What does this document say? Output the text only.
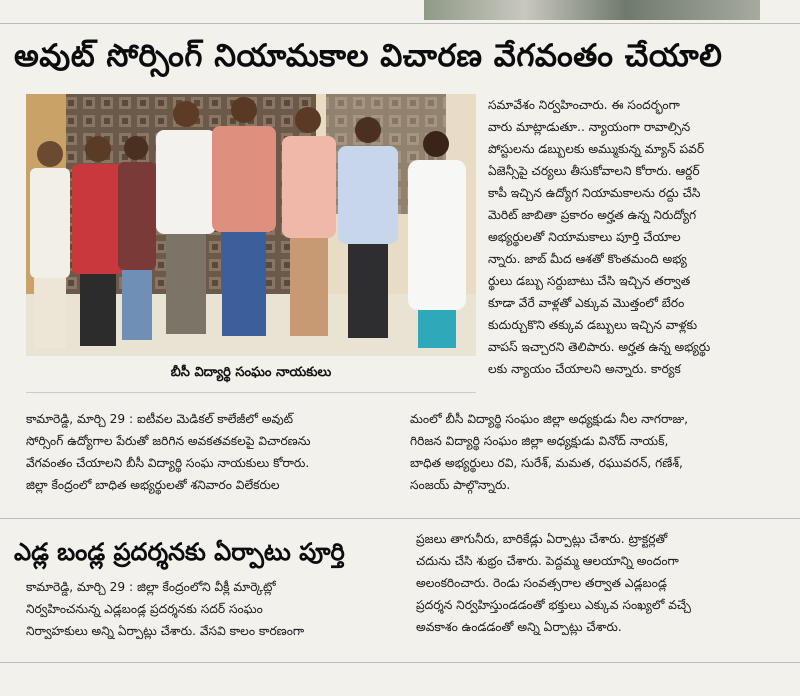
అవుట్ సోర్సింగ్ నియామకాల విచారణ వేగవంతం చేయాలి
బీసీ విద్యార్థి సంఘం నాయకులు
సమావేశం నిర్వహించారు. ఈ సందర్భంగా
వారు మాట్లాడుతూ.. న్యాయంగా రావాల్సిన
పోస్టులను డబ్బులకు అమ్ముకున్న మ్యాన్ పవర్
ఏజెన్సీపై చర్యలు తీసుకోవాలని కోరారు. ఆర్డర్
కాపీ ఇచ్చిన ఉద్యోగ నియామకాలను రద్దు చేసి
మెరిట్ జాబితా ప్రకారం అర్హత ఉన్న నిరుద్యోగ
అభ్యర్థులతో నియామకాలు పూర్తి చేయాల
న్నారు. జాబ్ మీద ఆశతో కొంతమంది అభ్య
ర్థులు డబ్బు సర్దుబాటు చేసి ఇచ్చిన తర్వాత
కూడా వేరే వాళ్లతో ఎక్కువ మొత్తంలో బేరం
కుదుర్చుకొని తక్కువ డబ్బులు ఇచ్చిన వాళ్లకు
వాపస్ ఇచ్చారని తెలిపారు. అర్హత ఉన్న అభ్యర్థు
లకు న్యాయం చేయాలని అన్నారు. కార్యక
కామారెడ్డి, మార్చి 29 : ఐటీవల మెడికల్ కాలేజీలో అవుట్
సోర్సింగ్ ఉద్యోగాల పేరుతో జరిగిన అవకతవకలపై విచారణను
వేగవంతం చేయాలని బీసీ విద్యార్థి సంఘ నాయకులు కోరారు.
జిల్లా కేంద్రంలో బాధిత అభ్యర్థులతో శనివారం విలేకరుల
మంలో బీసీ విద్యార్థి సంఘం జిల్లా అధ్యక్షుడు నీల నాగరాజు,
గిరిజన విద్యార్థి సంఘం జిల్లా అధ్యక్షుడు వినోద్ నాయక్,
బాధిత అభ్యర్థులు రవి, సురేశ్, మమత, రఘువరన్, గణేశ్,
సంజయ్ పాల్గొన్నారు.
ఎడ్ల బండ్ల ప్రదర్శనకు ఏర్పాటు పూర్తి
కామారెడ్డి, మార్చి 29 : జిల్లా కేంద్రంలోని వీక్లీ మార్కెట్లో
నిర్వహించనున్న ఎడ్లబండ్ల ప్రదర్శనకు సదర్ సంఘం
నిర్వాహకులు అన్ని ఏర్పాట్లు చేశారు. వేసవి కాలం కారణంగా
ప్రజలు తాగునీరు, బారికేడ్లు ఏర్పాట్లు చేశారు. ట్రాక్టర్లతో
చదును చేసి శుభ్రం చేశారు. పెద్దమ్మ ఆలయాన్ని అందంగా
అలంకరించారు. రెండు సంవత్సరాల తర్వాత ఎడ్లబండ్ల
ప్రదర్శన నిర్వహిస్తుండడంతో భక్తులు ఎక్కువ సంఖ్యలో వచ్చే
అవకాశం ఉండడంతో అన్ని ఏర్పాట్లు చేశారు.
